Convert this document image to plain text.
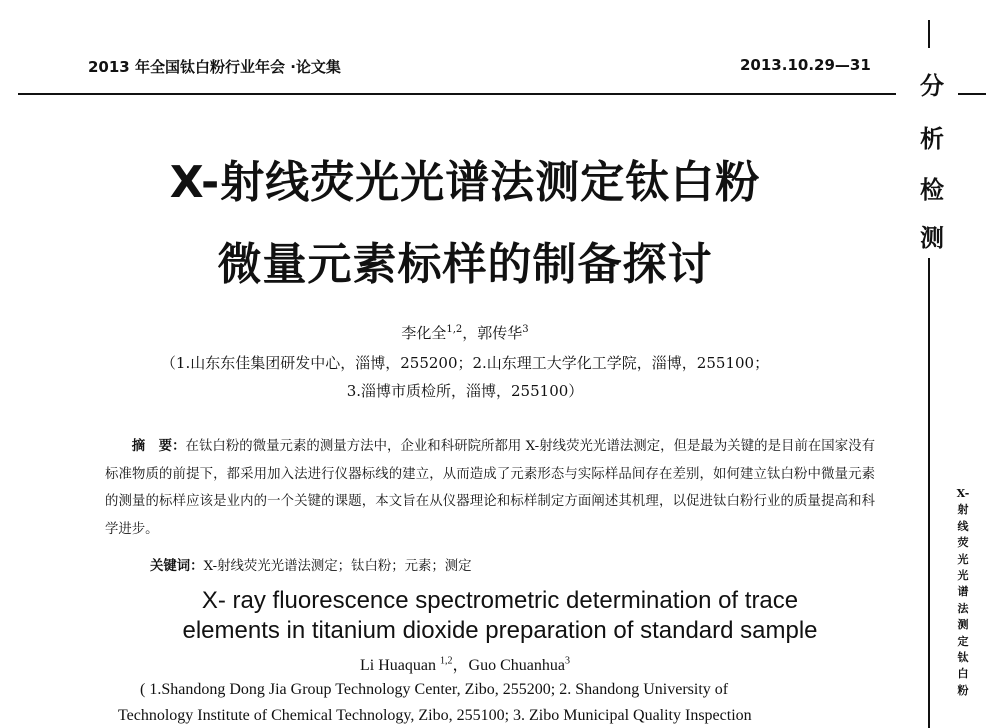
2013 年全国钛白粉行业年会 ·论文集	2013.10.29—31
分
析
检
测
X-射线荧光光谱法测定钛白粉
X-射线荧光光谱法测定钛白粉
微量元素标样的制备探讨
李化全$^{1,2}$，郭传华$^3$
（1.山东东佳集团研发中心，淄博，255200；2.山东理工大学化工学院，淄博，255100；
3.淄博市质检所，淄博，255100）
摘　要：在钛白粉的微量元素的测量方法中，企业和科研院所都用 X-射线荧光光谱法测定，但是最为关键的是目前在国家没有标准物质的前提下，都采用加入法进行仪器标线的建立，从而造成了元素形态与实际样品间存在差别，如何建立钛白粉中微量元素的测量的标样应该是业内的一个关键的课题，本文旨在从仪器理论和标样制定方面阐述其机理，以促进钛白粉行业的质量提高和科学进步。
关键词：X-射线荧光光谱法测定；钛白粉；元素；测定
X- ray fluorescence spectrometric determination of trace
elements in titanium dioxide preparation of standard sample
Li Huaquan $^{1,2}$，Guo Chuanhua$^3$
( 1.Shandong Dong Jia Group Technology Center, Zibo, 255200; 2. Shandong University of
Technology Institute of Chemical Technology, Zibo, 255100; 3. Zibo Municipal Quality Inspection
